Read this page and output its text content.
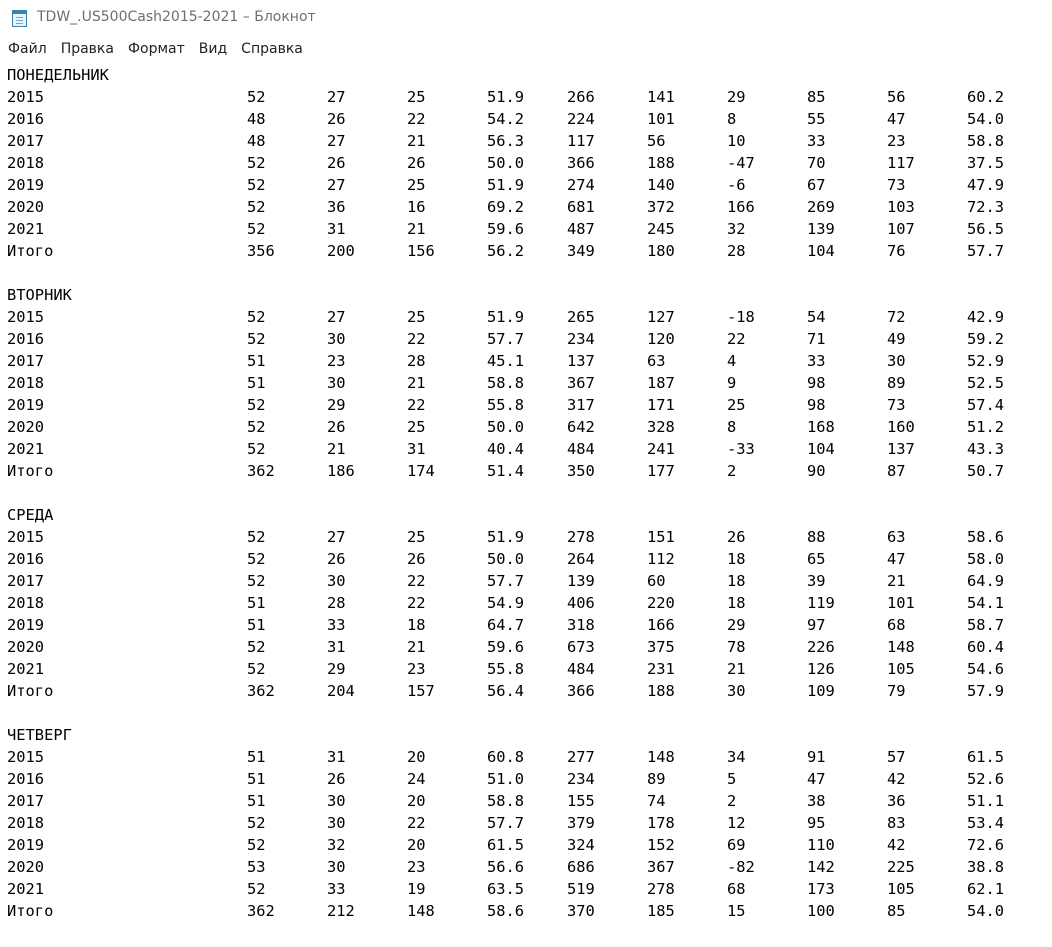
TDW_.US500Cash2015-2021 – Блокнот
Файл	Правка	Формат	Вид	Справка
ПОНЕДЕЛЬНИК
2015	52	27	25	51.9	266	141	29	85	56	60.2
2016	48	26	22	54.2	224	101	8	55	47	54.0
2017	48	27	21	56.3	117	56	10	33	23	58.8
2018	52	26	26	50.0	366	188	-47	70	117	37.5
2019	52	27	25	51.9	274	140	-6	67	73	47.9
2020	52	36	16	69.2	681	372	166	269	103	72.3
2021	52	31	21	59.6	487	245	32	139	107	56.5
Итого	356	200	156	56.2	349	180	28	104	76	57.7

ВТОРНИК
2015	52	27	25	51.9	265	127	-18	54	72	42.9
2016	52	30	22	57.7	234	120	22	71	49	59.2
2017	51	23	28	45.1	137	63	4	33	30	52.9
2018	51	30	21	58.8	367	187	9	98	89	52.5
2019	52	29	22	55.8	317	171	25	98	73	57.4
2020	52	26	25	50.0	642	328	8	168	160	51.2
2021	52	21	31	40.4	484	241	-33	104	137	43.3
Итого	362	186	174	51.4	350	177	2	90	87	50.7

СРЕДА
2015	52	27	25	51.9	278	151	26	88	63	58.6
2016	52	26	26	50.0	264	112	18	65	47	58.0
2017	52	30	22	57.7	139	60	18	39	21	64.9
2018	51	28	22	54.9	406	220	18	119	101	54.1
2019	51	33	18	64.7	318	166	29	97	68	58.7
2020	52	31	21	59.6	673	375	78	226	148	60.4
2021	52	29	23	55.8	484	231	21	126	105	54.6
Итого	362	204	157	56.4	366	188	30	109	79	57.9

ЧЕТВЕРГ
2015	51	31	20	60.8	277	148	34	91	57	61.5
2016	51	26	24	51.0	234	89	5	47	42	52.6
2017	51	30	20	58.8	155	74	2	38	36	51.1
2018	52	30	22	57.7	379	178	12	95	83	53.4
2019	52	32	20	61.5	324	152	69	110	42	72.6
2020	53	30	23	56.6	686	367	-82	142	225	38.8
2021	52	33	19	63.5	519	278	68	173	105	62.1
Итого	362	212	148	58.6	370	185	15	100	85	54.0
